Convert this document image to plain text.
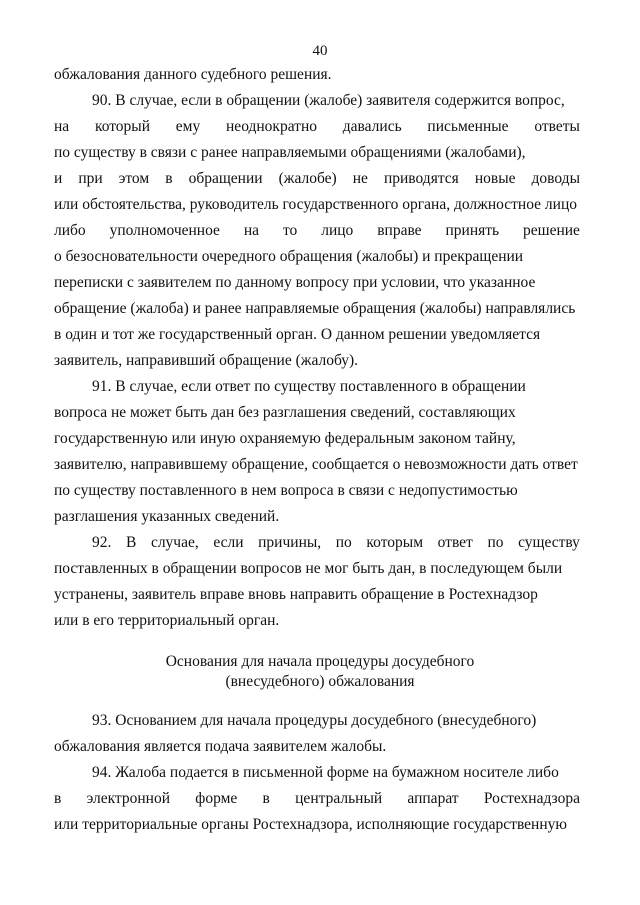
40
обжалования данного судебного решения.
90. В случае, если в обращении (жалобе) заявителя содержится вопрос,
на который ему неоднократно давались письменные ответы
по существу в связи с ранее направляемыми обращениями (жалобами),
и при этом в обращении (жалобе) не приводятся новые доводы
или обстоятельства, руководитель государственного органа, должностное лицо
либо уполномоченное на то лицо вправе принять решение
о безосновательности очередного обращения (жалобы) и прекращении
переписки с заявителем по данному вопросу при условии, что указанное
обращение (жалоба) и ранее направляемые обращения (жалобы) направлялись
в один и тот же государственный орган. О данном решении уведомляется
заявитель, направивший обращение (жалобу).
91. В случае, если ответ по существу поставленного в обращении
вопроса не может быть дан без разглашения сведений, составляющих
государственную или иную охраняемую федеральным законом тайну,
заявителю, направившему обращение, сообщается о невозможности дать ответ
по существу поставленного в нем вопроса в связи с недопустимостью
разглашения указанных сведений.
92. В случае, если причины, по которым ответ по существу
поставленных в обращении вопросов не мог быть дан, в последующем были
устранены, заявитель вправе вновь направить обращение в Ростехнадзор
или в его территориальный орган.
Основания для начала процедуры досудебного
(внесудебного) обжалования
93. Основанием для начала процедуры досудебного (внесудебного)
обжалования является подача заявителем жалобы.
94. Жалоба подается в письменной форме на бумажном носителе либо
в электронной форме в центральный аппарат Ростехнадзора
или территориальные органы Ростехнадзора, исполняющие государственную
